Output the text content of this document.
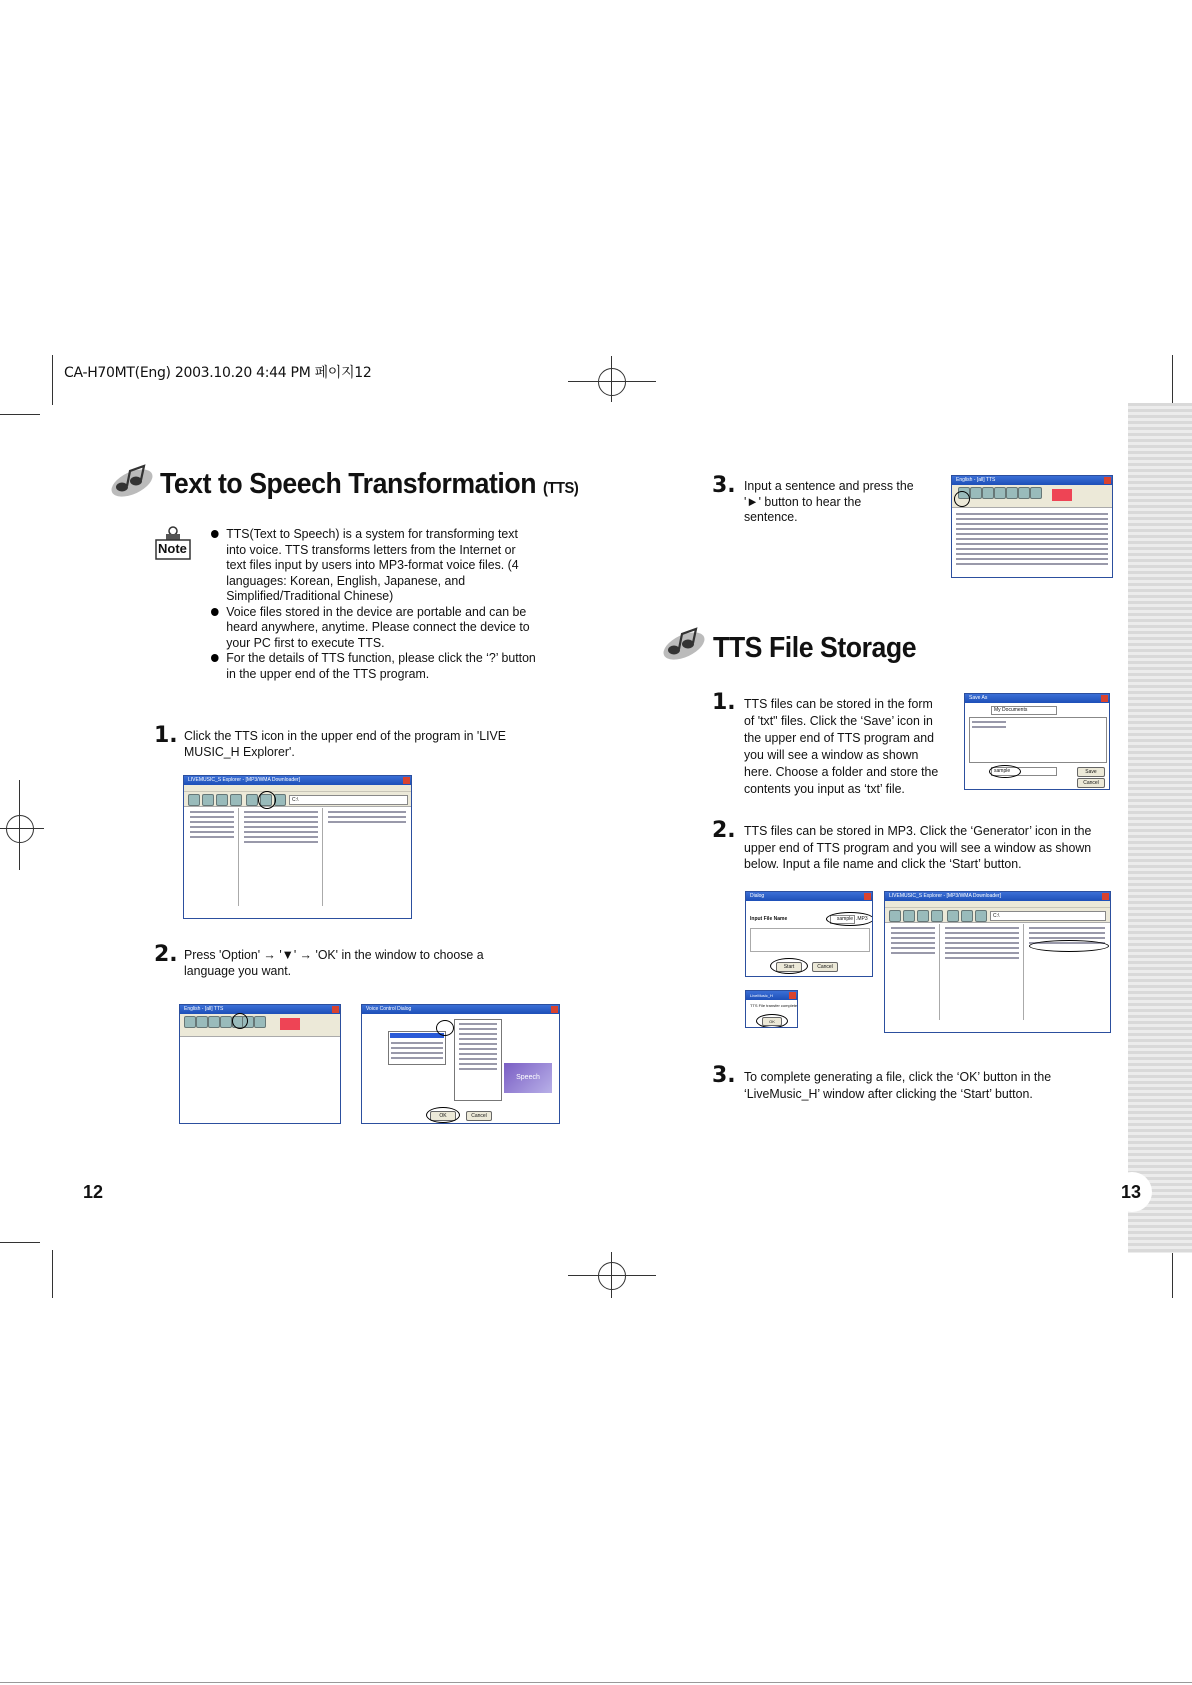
CA-H70MT(Eng) 2003.10.20 4:44 PM 페이지12
Text to Speech Transformation (TTS)
Note
TTS(Text to Speech) is a system for transforming text into voice. TTS transforms letters from the Internet or text files input by users into MP3-format voice files. (4 languages: Korean, English, Japanese, and Simplified/Traditional Chinese)
Voice files stored in the device are portable and can be heard anywhere, anytime. Please connect the device to your PC first to execute TTS.
For the details of TTS function, please click the ‘?’ button in the upper end of the TTS program.
1. Click the TTS icon in the upper end of the program in 'LIVE MUSIC_H Explorer'.
LIVEMUSIC_S Explorer - [MP3/WMA Downloader]
C:\
2. Press 'Option' → '▼' → 'OK' in the window to choose a language you want.
English - [all] TTS	Voice Control Dialog
Speech
OK	Cancel
12
3. Input a sentence and press the '►' button to hear the sentence.
English - [all] TTS
TTS File Storage
1. TTS files can be stored in the form of 'txt" files. Click the ‘Save’ icon in the upper end of TTS program and you will see a window as shown here. Choose a folder and store the contents you input as ‘txt’ file.
Save As
My Documents
sample	Save
Cancel
2. TTS files can be stored in MP3. Click the ‘Generator’ icon in the upper end of TTS program and you will see a window as shown below. Input a file name and click the ‘Start’ button.
Dialog
Input File Name	sample .MP3
Start	Cancel
LiveMusic_H
TTS File transfer complete
OK
LIVEMUSIC_S Explorer - [MP3/WMA Downloader]
C:\
3. To complete generating a file, click the ‘OK’ button in the ‘LiveMusic_H’ window after clicking the ‘Start’ button.
13
